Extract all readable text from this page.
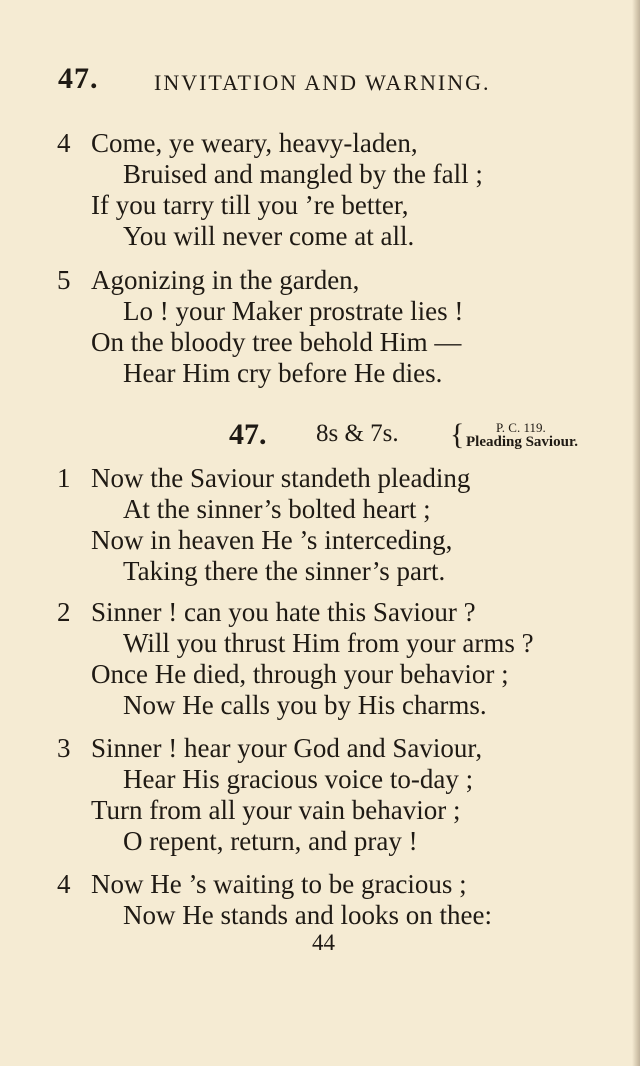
47.	INVITATION AND WARNING.
4 Come, ye weary, heavy-laden,
Bruised and mangled by the fall ;
If you tarry till you ’re better,
You will never come at all.
5 Agonizing in the garden,
Lo ! your Maker prostrate lies !
On the bloody tree behold Him —
Hear Him cry before He dies.
47. 8s & 7s. { P. C. 119.
Pleading Saviour.
1 Now the Saviour standeth pleading
At the sinner’s bolted heart ;
Now in heaven He ’s interceding,
Taking there the sinner’s part.
2 Sinner ! can you hate this Saviour ?
Will you thrust Him from your arms ?
Once He died, through your behavior ;
Now He calls you by His charms.
3 Sinner ! hear your God and Saviour,
Hear His gracious voice to-day ;
Turn from all your vain behavior ;
O repent, return, and pray !
4 Now He ’s waiting to be gracious ;
Now He stands and looks on thee:
44
